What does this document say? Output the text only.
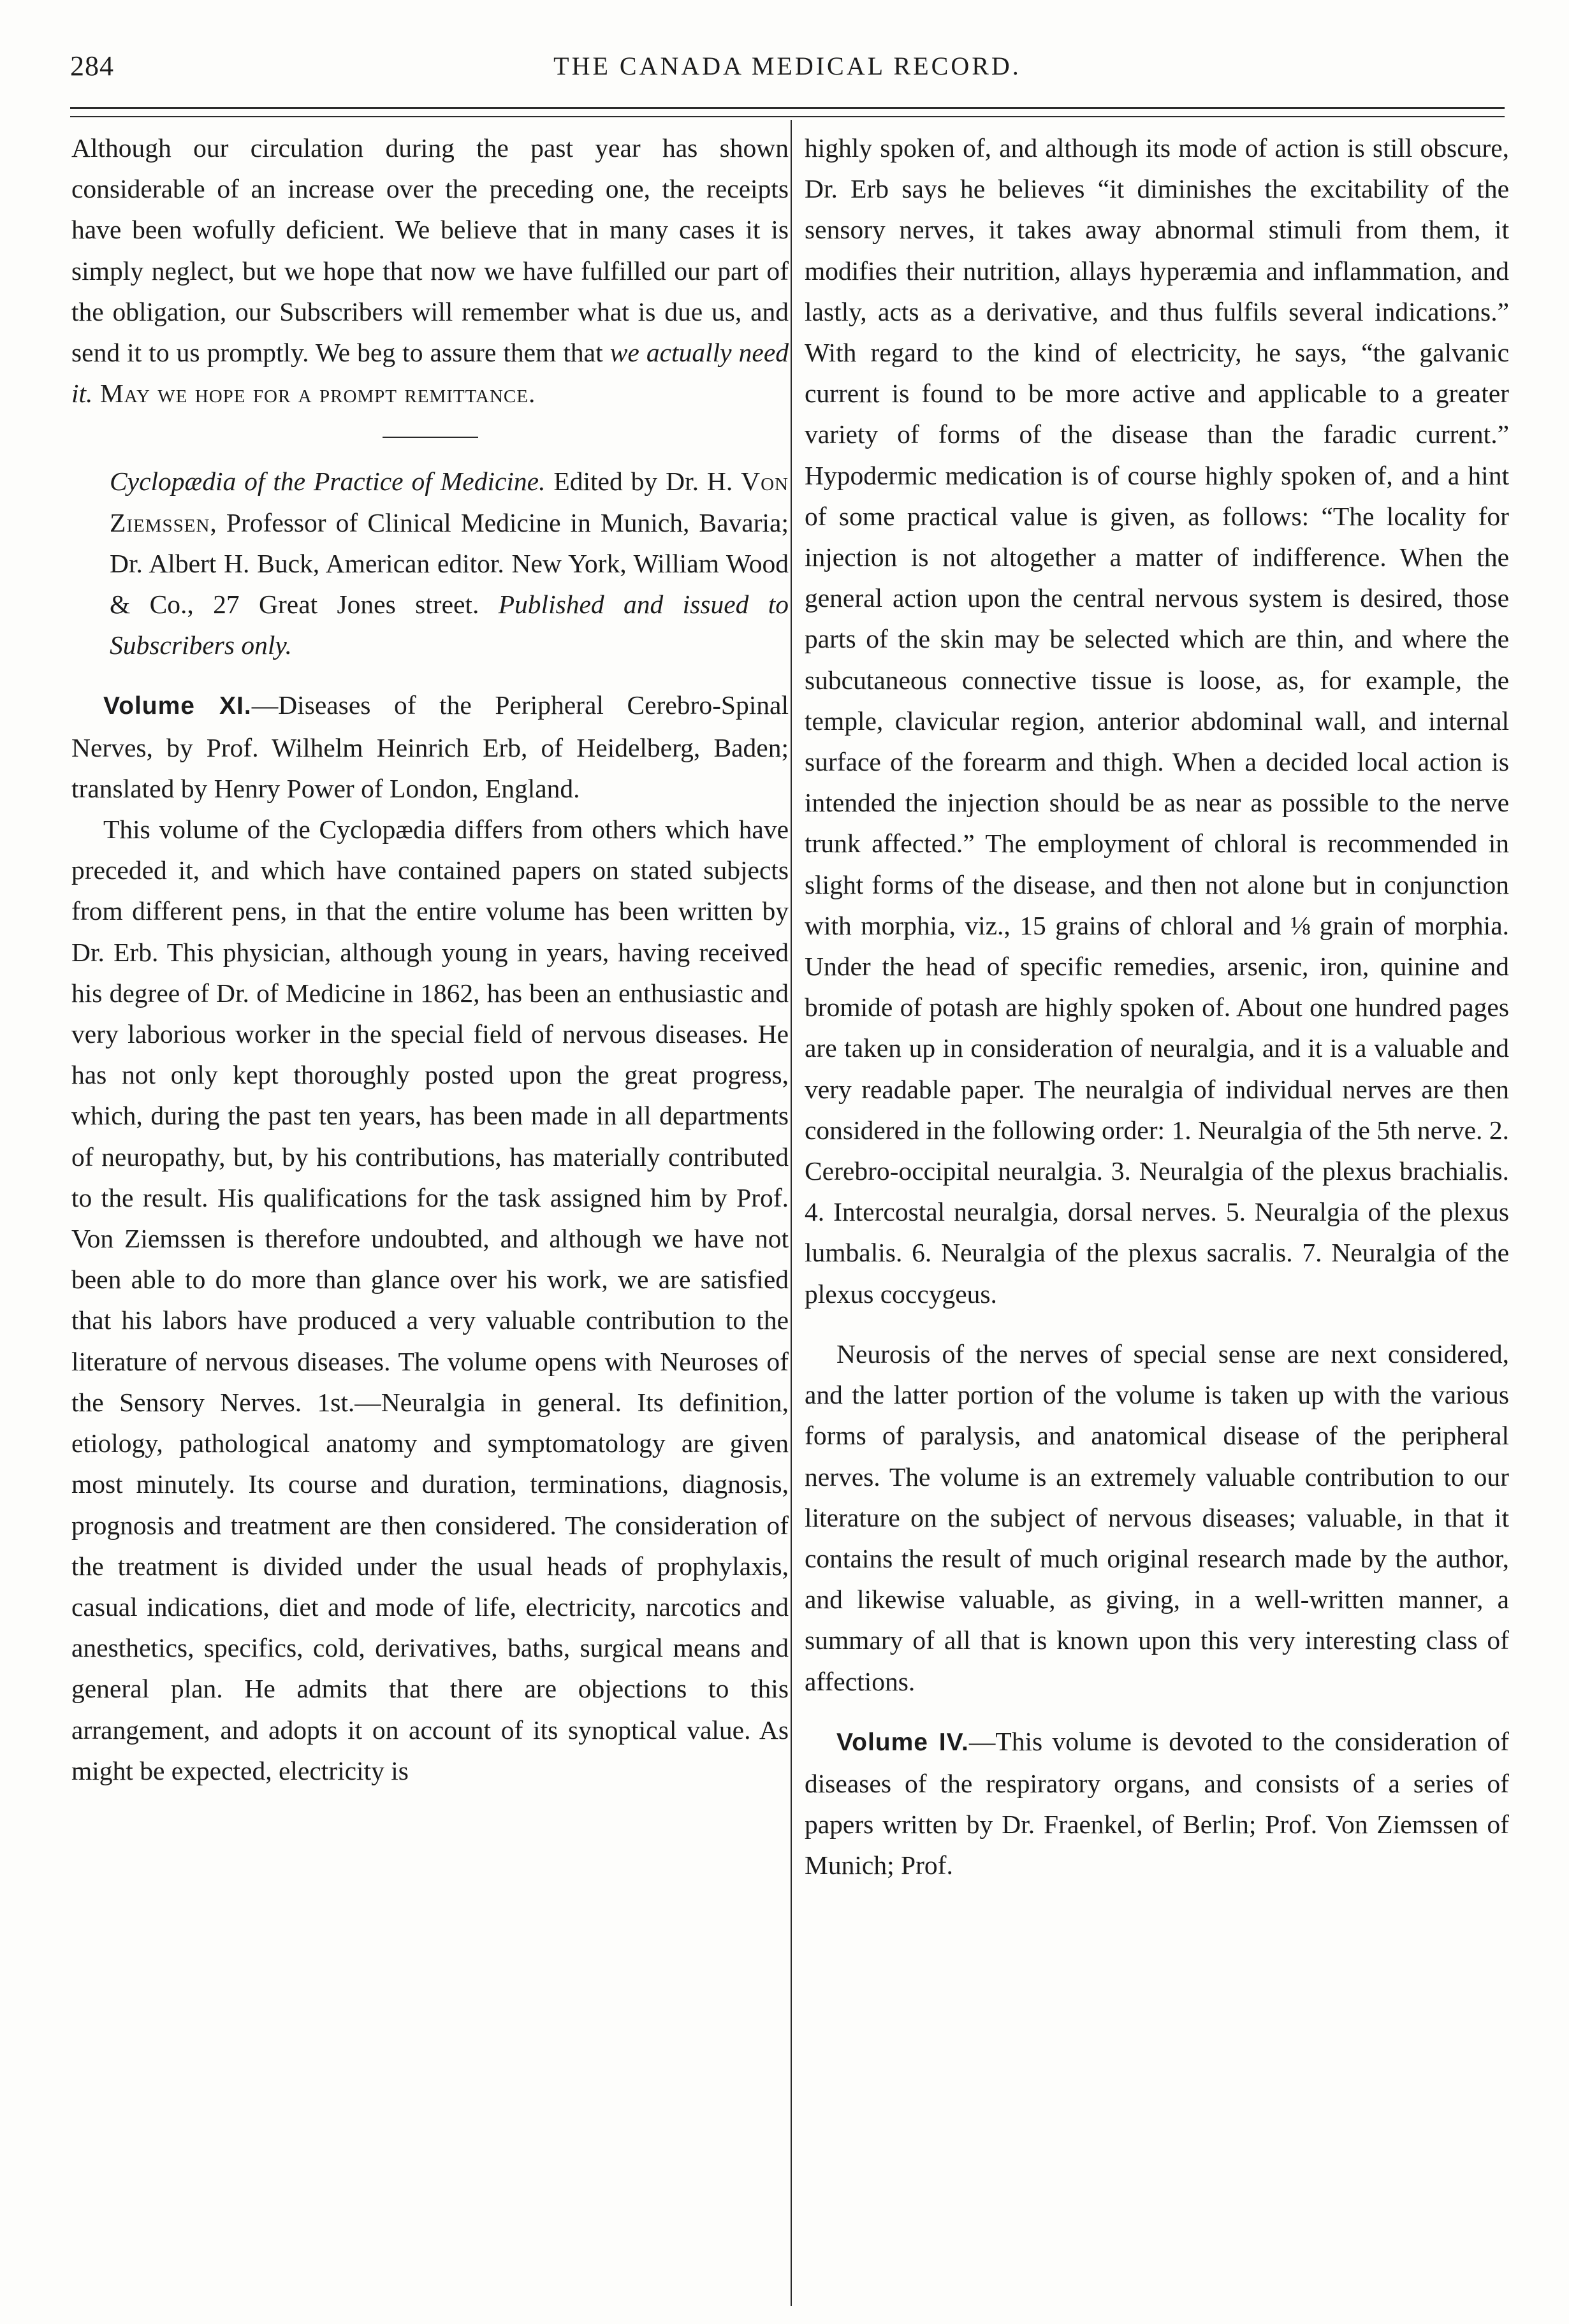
284	THE CANADA MEDICAL RECORD.

Although our circulation during the past year has shown considerable of an increase over the preceding one, the receipts have been wofully deficient. We believe that in many cases it is simply neglect, but we hope that now we have fulfilled our part of the obligation, our Subscribers will remember what is due us, and send it to us promptly. We beg to assure them that we actually need it. May we hope for a prompt remittance.

Cyclopædia of the Practice of Medicine. Edited by Dr. H. Von Ziemssen, Professor of Clinical Medicine in Munich, Bavaria; Dr. Albert H. Buck, American editor. New York, William Wood & Co., 27 Great Jones street. Published and issued to Subscribers only.

Volume XI.—Diseases of the Peripheral Cerebro-Spinal Nerves, by Prof. Wilhelm Heinrich Erb, of Heidelberg, Baden; translated by Henry Power of London, England.

This volume of the Cyclopædia differs from others which have preceded it, and which have contained papers on stated subjects from different pens, in that the entire volume has been written by Dr. Erb. This physician, although young in years, having received his degree of Dr. of Medicine in 1862, has been an enthusiastic and very laborious worker in the special field of nervous diseases. He has not only kept thoroughly posted upon the great progress, which, during the past ten years, has been made in all departments of neuropathy, but, by his contributions, has materially contributed to the result. His qualifications for the task assigned him by Prof. Von Ziemssen is therefore undoubted, and although we have not been able to do more than glance over his work, we are satisfied that his labors have produced a very valuable contribution to the literature of nervous diseases. The volume opens with Neuroses of the Sensory Nerves. 1st.—Neuralgia in general. Its definition, etiology, pathological anatomy and symptomatology are given most minutely. Its course and duration, terminations, diagnosis, prognosis and treatment are then considered. The consideration of the treatment is divided under the usual heads of prophylaxis, casual indications, diet and mode of life, electricity, narcotics and anesthetics, specifics, cold, derivatives, baths, surgical means and general plan. He admits that there are objections to this arrangement, and adopts it on account of its synoptical value. As might be expected, electricity is

highly spoken of, and although its mode of action is still obscure, Dr. Erb says he believes “it diminishes the excitability of the sensory nerves, it takes away abnormal stimuli from them, it modifies their nutrition, allays hyperæmia and inflammation, and lastly, acts as a derivative, and thus fulfils several indications.” With regard to the kind of electricity, he says, “the galvanic current is found to be more active and applicable to a greater variety of forms of the disease than the faradic current.” Hypodermic medication is of course highly spoken of, and a hint of some practical value is given, as follows: “The locality for injection is not altogether a matter of indifference. When the general action upon the central nervous system is desired, those parts of the skin may be selected which are thin, and where the subcutaneous connective tissue is loose, as, for example, the temple, clavicular region, anterior abdominal wall, and internal surface of the forearm and thigh. When a decided local action is intended the injection should be as near as possible to the nerve trunk affected.” The employment of chloral is recommended in slight forms of the disease, and then not alone but in conjunction with morphia, viz., 15 grains of chloral and ⅛ grain of morphia. Under the head of specific remedies, arsenic, iron, quinine and bromide of potash are highly spoken of. About one hundred pages are taken up in consideration of neuralgia, and it is a valuable and very readable paper. The neuralgia of individual nerves are then considered in the following order: 1. Neuralgia of the 5th nerve. 2. Cerebro-occipital neuralgia. 3. Neuralgia of the plexus brachialis. 4. Intercostal neuralgia, dorsal nerves. 5. Neuralgia of the plexus lumbalis. 6. Neuralgia of the plexus sacralis. 7. Neuralgia of the plexus coccygeus.

Neurosis of the nerves of special sense are next considered, and the latter portion of the volume is taken up with the various forms of paralysis, and anatomical disease of the peripheral nerves. The volume is an extremely valuable contribution to our literature on the subject of nervous diseases; valuable, in that it contains the result of much original research made by the author, and likewise valuable, as giving, in a well-written manner, a summary of all that is known upon this very interesting class of affections.

Volume IV.—This volume is devoted to the consideration of diseases of the respiratory organs, and consists of a series of papers written by Dr. Fraenkel, of Berlin; Prof. Von Ziemssen of Munich; Prof.
